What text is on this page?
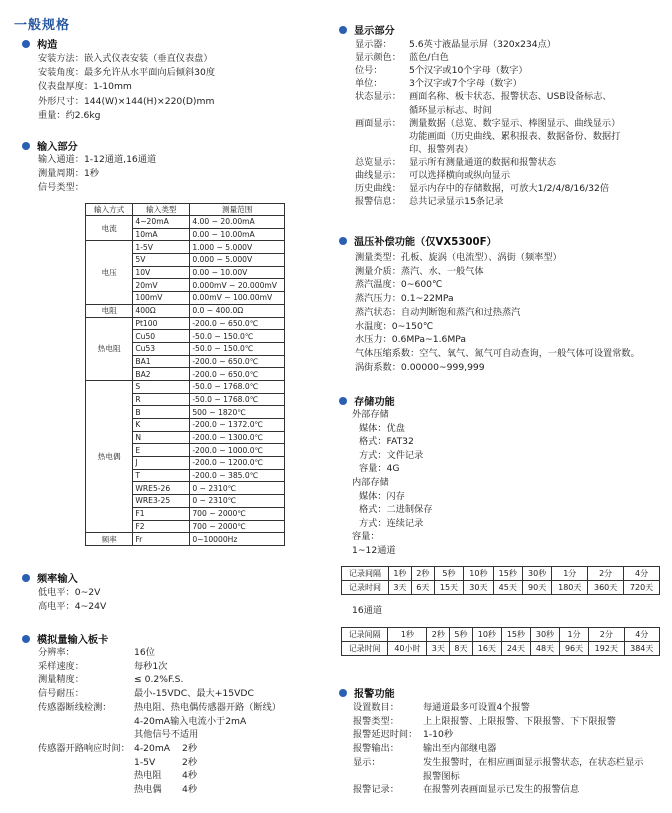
一般规格
构造
安装方法：嵌入式仪表安装（垂直仪表盘）
安装角度：最多允许从水平面向后倾斜30度
仪表盘厚度：1-10mm
外形尺寸：144(W)×144(H)×220(D)mm
重量：约2.6kg
输入部分
输入通道：1-12通道,16通道
测量周期：1秒
信号类型：
输入方式	输入类型	测量范围
电流	4~20mA	4.00 ~ 20.00mA
	10mA	0.00 ~ 10.00mA
电压	1-5V	1.000 ~ 5.000V
	5V	0.000 ~ 5.000V
	10V	0.00 ~ 10.00V
	20mV	0.000mV ~ 20.000mV
	100mV	0.00mV ~ 100.00mV
电阻	400Ω	0.0 ~ 400.0Ω
热电阻	Pt100	-200.0 ~ 650.0℃
	Cu50	-50.0 ~ 150.0℃
	Cu53	-50.0 ~ 150.0℃
	BA1	-200.0 ~ 650.0℃
	BA2	-200.0 ~ 650.0℃
热电偶	S	-50.0 ~ 1768.0℃
	R	-50.0 ~ 1768.0℃
	B	500 ~ 1820℃
	K	-200.0 ~ 1372.0℃
	N	-200.0 ~ 1300.0℃
	E	-200.0 ~ 1000.0℃
	J	-200.0 ~ 1200.0℃
	T	-200.0 ~ 385.0℃
	WRE5-26	0 ~ 2310℃
	WRE3-25	0 ~ 2310℃
	F1	700 ~ 2000℃
	F2	700 ~ 2000℃
频率	Fr	0~10000Hz
频率输入
低电平：0~2V
高电平：4~24V
模拟量输入板卡
分辨率：	16位
采样速度：	每秒1次
测量精度：	≤ 0.2%F.S.
信号耐压：	最小-15VDC、最大+15VDC
传感器断线检测： 热电阻、热电偶传感器开路（断线）
4-20mA输入电流小于2mA
其他信号不适用
传感器开路响应时间： 4-20mA 2秒
1-5V	2秒
热电阻 4秒
热电偶 4秒
显示部分
显示器： 5.6英寸液晶显示屏（320x234点）
显示颜色： 蓝色/白色
位号：	5个汉字或10个字母（数字）
单位：	3个汉字或7个字母（数字）
状态显示： 画面名称、板卡状态、报警状态、USB设备标志、
循环显示标志、时间
画面显示： 测量数据（总览、数字显示、棒图显示、曲线显示）
功能画面（历史曲线、累积报表、数据备份、数据打
印、报警列表）
总览显示： 显示所有测量通道的数据和报警状态
曲线显示： 可以选择横向或纵向显示
历史曲线： 显示内存中的存储数据，可放大1/2/4/8/16/32倍
报警信息： 总共记录显示15条记录
温压补偿功能（仅VX5300F）
测量类型：孔板、旋涡（电流型）、涡街（频率型）
测量介质：蒸汽、水、一般气体
蒸汽温度：0~600℃
蒸汽压力：0.1~22MPa
蒸汽状态：自动判断饱和蒸汽和过热蒸汽
水温度：0~150℃
水压力：0.6MPa~1.6MPa
气体压缩系数：空气、氧气、氮气可自动查询，一般气体可设置常数。
涡街系数：0.00000~999,999
存储功能
外部存储
媒体：优盘
格式：FAT32
方式：文件记录
容量：4G
内部存储
媒体：闪存
格式：二进制保存
方式：连续记录
容量：
1~12通道
记录间隔	1秒	2秒	5秒	10秒	15秒	30秒	1分	2分	4分
记录时间	3天	6天	15天	30天	45天	90天	180天	360天	720天
16通道
记录间隔	1秒	2秒	5秒	10秒	15秒	30秒	1分	2分	4分
记录时间	40小时	3天	8天	16天	24天	48天	96天	192天	384天
报警功能
设置数目：	每通道最多可设置4个报警
报警类型：	上上限报警、上限报警、下限报警、下下限报警
报警延迟时间： 1-10秒
报警输出：	输出至内部继电器
显示：	发生报警时，在相应画面显示报警状态，在状态栏显示
报警图标
报警记录：	在报警列表画面显示已发生的报警信息
